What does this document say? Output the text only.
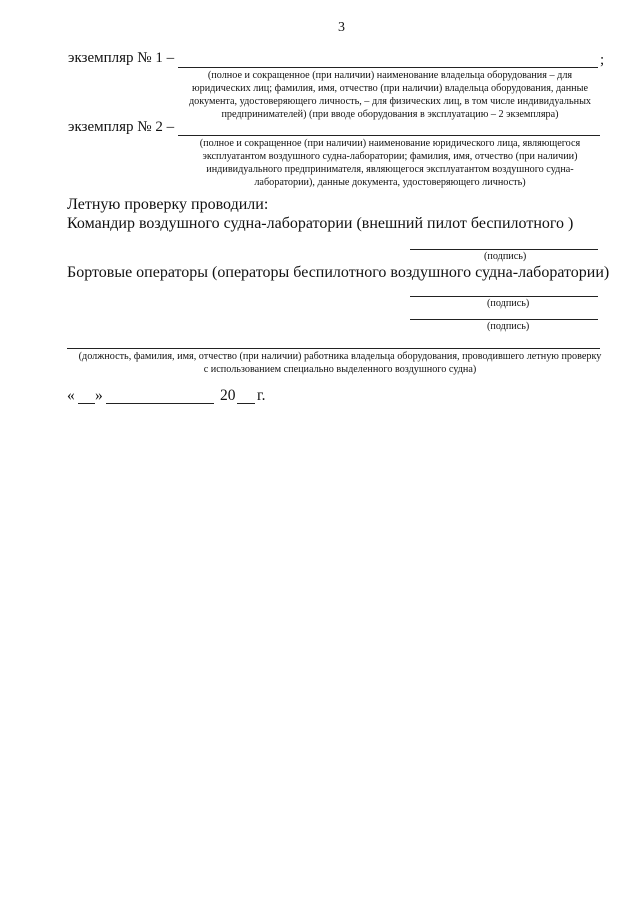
3
экземпляр № 1 –	;
(полное и сокращенное (при наличии) наименование владельца оборудования – для
юридических лиц; фамилия, имя, отчество (при наличии) владельца оборудования, данные
документа, удостоверяющего личность, – для физических лиц, в том числе индивидуальных
предпринимателей) (при вводе оборудования в эксплуатацию – 2 экземпляра)
экземпляр № 2 –
(полное и сокращенное (при наличии) наименование юридического лица, являющегося
эксплуатантом воздушного судна-лаборатории; фамилия, имя, отчество (при наличии)
индивидуального предпринимателя, являющегося эксплуатантом воздушного судна-
лаборатории), данные документа, удостоверяющего личность)
Летную проверку проводили:
Командир воздушного судна-лаборатории (внешний пилот беспилотного )
(подпись)
Бортовые операторы (операторы беспилотного воздушного судна-лаборатории)
(подпись)
(подпись)
(должность, фамилия, имя, отчество (при наличии) работника владельца оборудования, проводившего летную проверку
с использованием специально выделенного воздушного судна)
« »	20 г.
